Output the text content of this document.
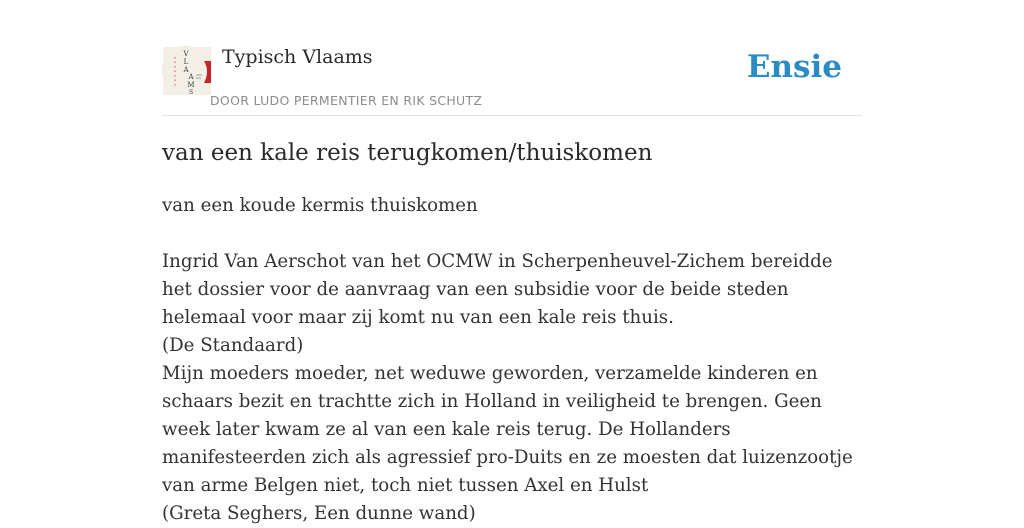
V
L
A
A
M
S
Typisch Vlaams
DOOR LUDO PERMENTIER EN RIK SCHUTZ
Ensie
van een kale reis terugkomen/thuiskomen

van een koude kermis thuiskomen

Ingrid Van Aerschot van het OCMW in Scherpenheuvel-Zichem bereidde het dossier voor de aanvraag van een subsidie voor de beide steden helemaal voor maar zij komt nu van een kale reis thuis.

(De Standaard)

Mijn moeders moeder, net weduwe geworden, verzamelde kinderen en schaars bezit en trachtte zich in Holland in veiligheid te brengen. Geen week later kwam ze al van een kale reis terug. De Hollanders manifesteerden zich als agressief pro-Duits en ze moesten dat luizenzootje van arme Belgen niet, toch niet tussen Axel en Hulst

(Greta Seghers, Een dunne wand)
